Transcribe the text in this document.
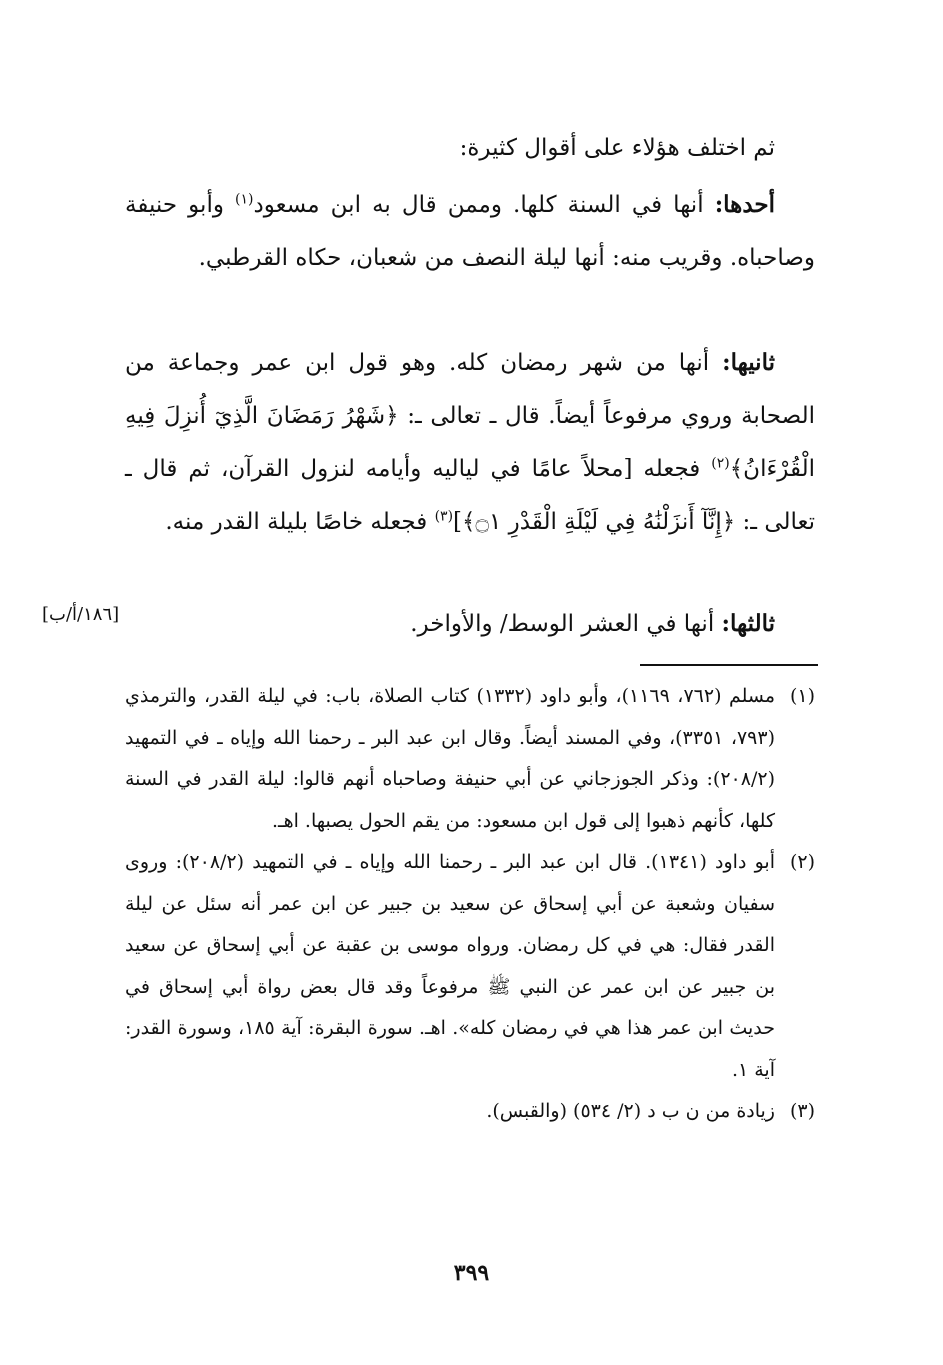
ثم اختلف هؤلاء على أقوال كثيرة:

أحدها: أنها في السنة كلها. وممن قال به ابن مسعود$^{(١)}$ وأبو حنيفة وصاحباه. وقريب منه: أنها ليلة النصف من شعبان، حكاه القرطبي.

ثانيها: أنها من شهر رمضان كله. وهو قول ابن عمر وجماعة من الصحابة وروي مرفوعاً أيضاً. قال ـ تعالى ـ: ﴿شَهْرُ رَمَضَانَ الَّذِيٓ أُنزِلَ فِيهِ الْقُرْءَانُ﴾$^{(٢)}$ فجعله [محلاً عامًا في لياليه وأيامه لنزول القرآن، ثم قال ـ تعالى ـ: ﴿إِنَّآ أَنزَلْنَٰهُ فِي لَيْلَةِ الْقَدْرِ ۝١﴾]$^{(٣)}$ فجعله خاصًا بليلة القدر منه.

ثالثها: أنها في العشر الوسط/ والأواخر.

[١٨٦/أ/ب]
(١)
مسلم (٧٦٢، ١١٦٩)، وأبو داود (١٣٣٢) كتاب الصلاة، باب: في ليلة القدر، والترمذي (٧٩٣، ٣٣٥١)، وفي المسند أيضاً. وقال ابن عبد البر ـ رحمنا الله وإياه ـ في التمهيد (٢٠٨/٢): وذكر الجوزجاني عن أبي حنيفة وصاحباه أنهم قالوا: ليلة القدر في السنة كلها، كأنهم ذهبوا إلى قول ابن مسعود: من يقم الحول يصبها. اهـ.
(٢)
أبو داود (١٣٤١). قال ابن عبد البر ـ رحمنا الله وإياه ـ في التمهيد (٢٠٨/٢): وروى سفيان وشعبة عن أبي إسحاق عن سعيد بن جبير عن ابن عمر أنه سئل عن ليلة القدر فقال: هي في كل رمضان. ورواه موسى بن عقبة عن أبي إسحاق عن سعيد بن جبير عن ابن عمر عن النبي ﷺ مرفوعاً وقد قال بعض رواة أبي إسحاق في حديث ابن عمر هذا هي في رمضان كله». اهـ. سورة البقرة: آية ١٨٥، وسورة القدر: آية ١.
(٣)
زيادة من ن ب د (٢/ ٥٣٤) (والقبس).
٣٩٩
